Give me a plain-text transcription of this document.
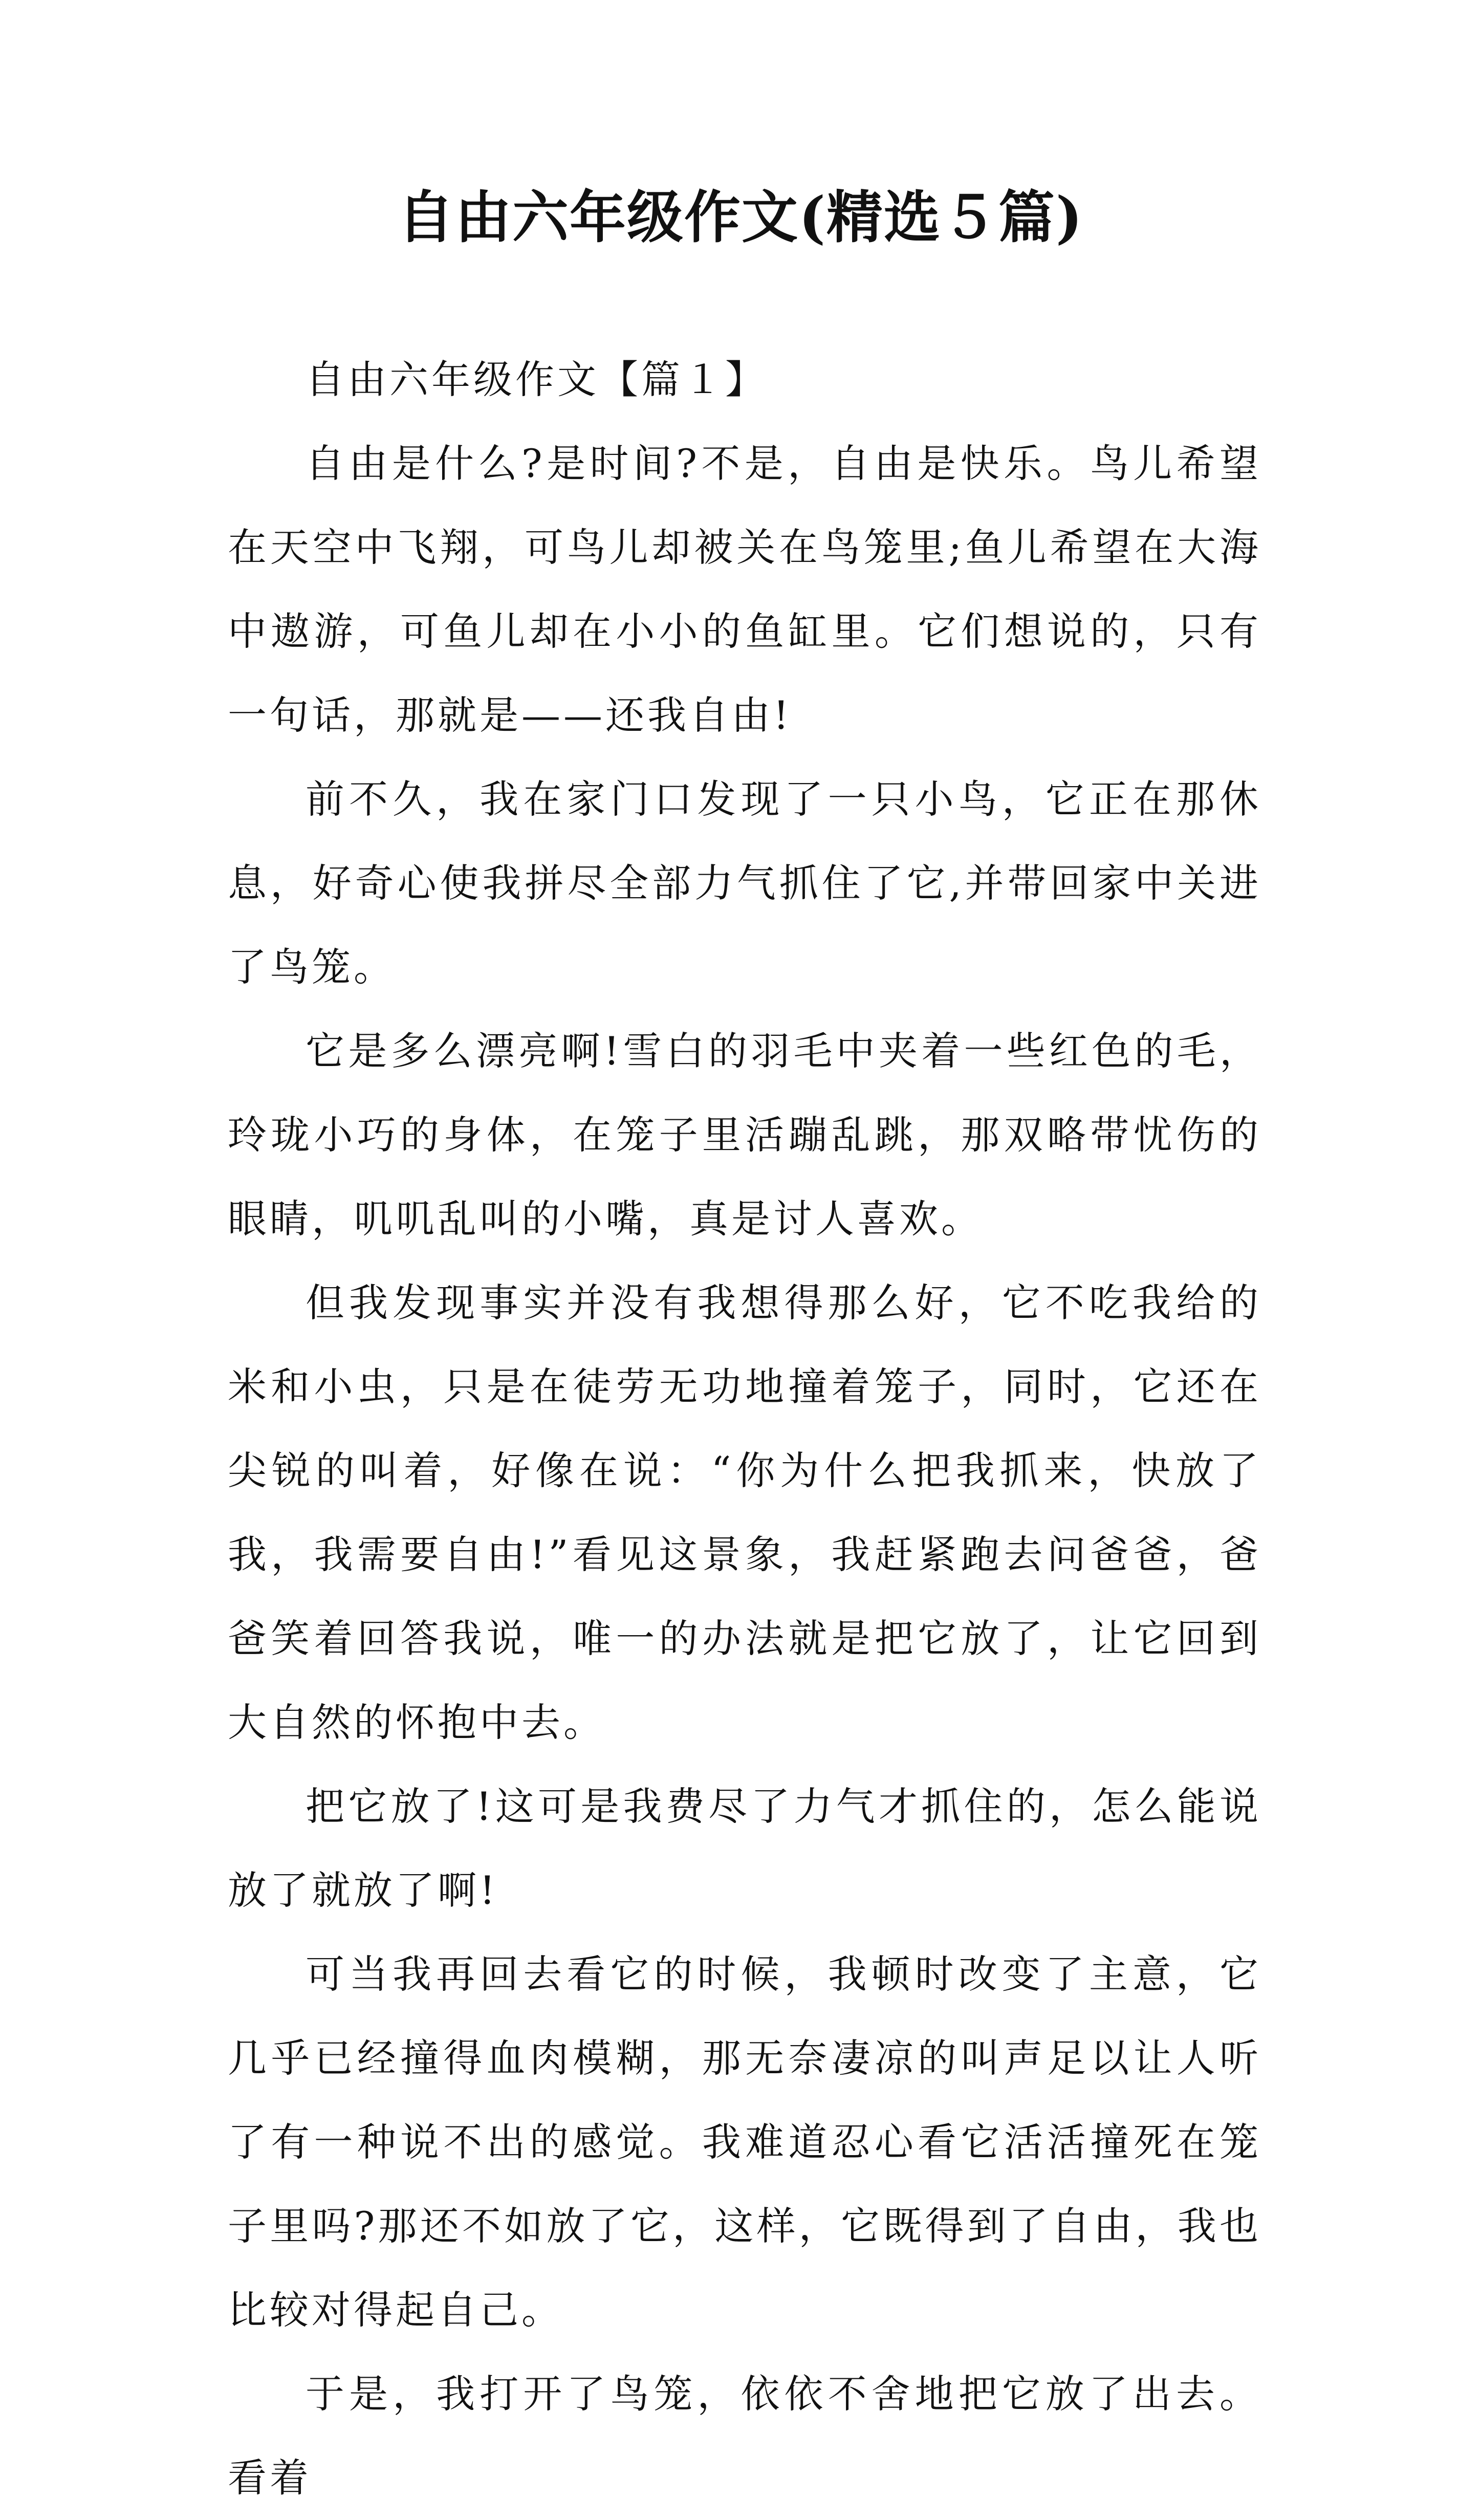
自由六年级作文(精选５篇)

自由六年级作文【篇１】

自由是什么?是时间?不是，自由是快乐。鸟儿希望在天空中飞翔，可鸟儿却被关在鸟笼里;鱼儿希望在大海中遨游，可鱼儿却在小小的鱼缸里。它们想说的，只有一句话，那就是——还我自由!

前不久，我在家门口发现了一只小鸟，它正在那休息，好奇心使我拼尽全部力气抓住了它,并带回家中关进了鸟笼。

它是多么漂亮啊!雪白的羽毛中夹着一些红色的毛，玲珑小巧的身体，在笼子里活蹦乱跳，那双略带忧伤的眼睛，叽叽乱叫的小嘴，真是讨人喜欢。

但我发现事实并没有我想得那么好，它不吃我给的米和小虫，只是在徒劳无功地撞着笼子，同时，它还在尖锐的叫着，好像在说：“你为什么把我抓来，快放了我，我需要自由!”看见这景象，我赶紧跑去问爸爸，爸爸笑着回答我说，唯一的办法就是把它放了，让它回到大自然的怀抱中去。

把它放了!这可是我费尽了力气才抓住的，怎么能说放了就放了啊!

可当我再回去看它的时候，我顿时改变了主意，它几乎已经撞得血肉模糊，那无奈凄凉的叫声足以让人听了有一种说不出的感觉。我难道忍心看它活活撞死在笼子里吗?那还不如放了它，这样，它既得到了自由，我也比较对得起自己。

于是，我打开了鸟笼，依依不舍地把它放了出去。看着
